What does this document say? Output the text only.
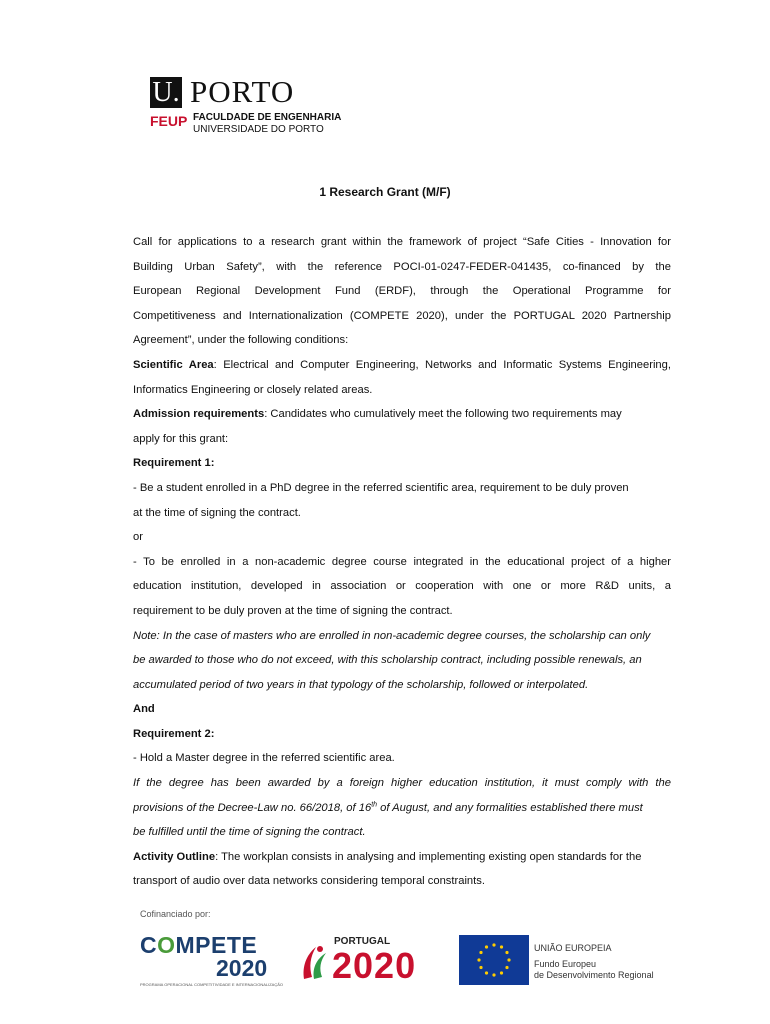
U. PORTO
FEUP FACULDADE DE ENGENHARIA
UNIVERSIDADE DO PORTO
1 Research Grant (M/F)
Call for applications to a research grant within the framework of project “Safe Cities - Innovation for
Building Urban Safety”, with the reference POCI-01-0247-FEDER-041435, co-financed by the
European Regional Development Fund (ERDF), through the Operational Programme for
Competitiveness and Internationalization (COMPETE 2020), under the PORTUGAL 2020 Partnership
Agreement”, under the following conditions:
Scientific Area: Electrical and Computer Engineering, Networks and Informatic Systems Engineering,
Informatics Engineering or closely related areas.
Admission requirements: Candidates who cumulatively meet the following two requirements may
apply for this grant:
Requirement 1:
- Be a student enrolled in a PhD degree in the referred scientific area, requirement to be duly proven
at the time of signing the contract.
or
- To be enrolled in a non-academic degree course integrated in the educational project of a higher
education institution, developed in association or cooperation with one or more R&D units, a
requirement to be duly proven at the time of signing the contract.
Note: In the case of masters who are enrolled in non-academic degree courses, the scholarship can only
be awarded to those who do not exceed, with this scholarship contract, including possible renewals, an
accumulated period of two years in that typology of the scholarship, followed or interpolated.
And
Requirement 2:
- Hold a Master degree in the referred scientific area.
If the degree has been awarded by a foreign higher education institution, it must comply with the
provisions of the Decree-Law no. 66/2018, of 16th of August, and any formalities established there must
be fulfilled until the time of signing the contract.
Activity Outline: The workplan consists in analysing and implementing existing open standards for the
transport of audio over data networks considering temporal constraints.
Cofinanciado por:
COMPETE
2020
PROGRAMA OPERACIONAL COMPETITIVIDADE E INTERNACIONALIZAÇÃO
PORTUGAL
2020	UNIÃO EUROPEIA
Fundo Europeu
de Desenvolvimento Regional
